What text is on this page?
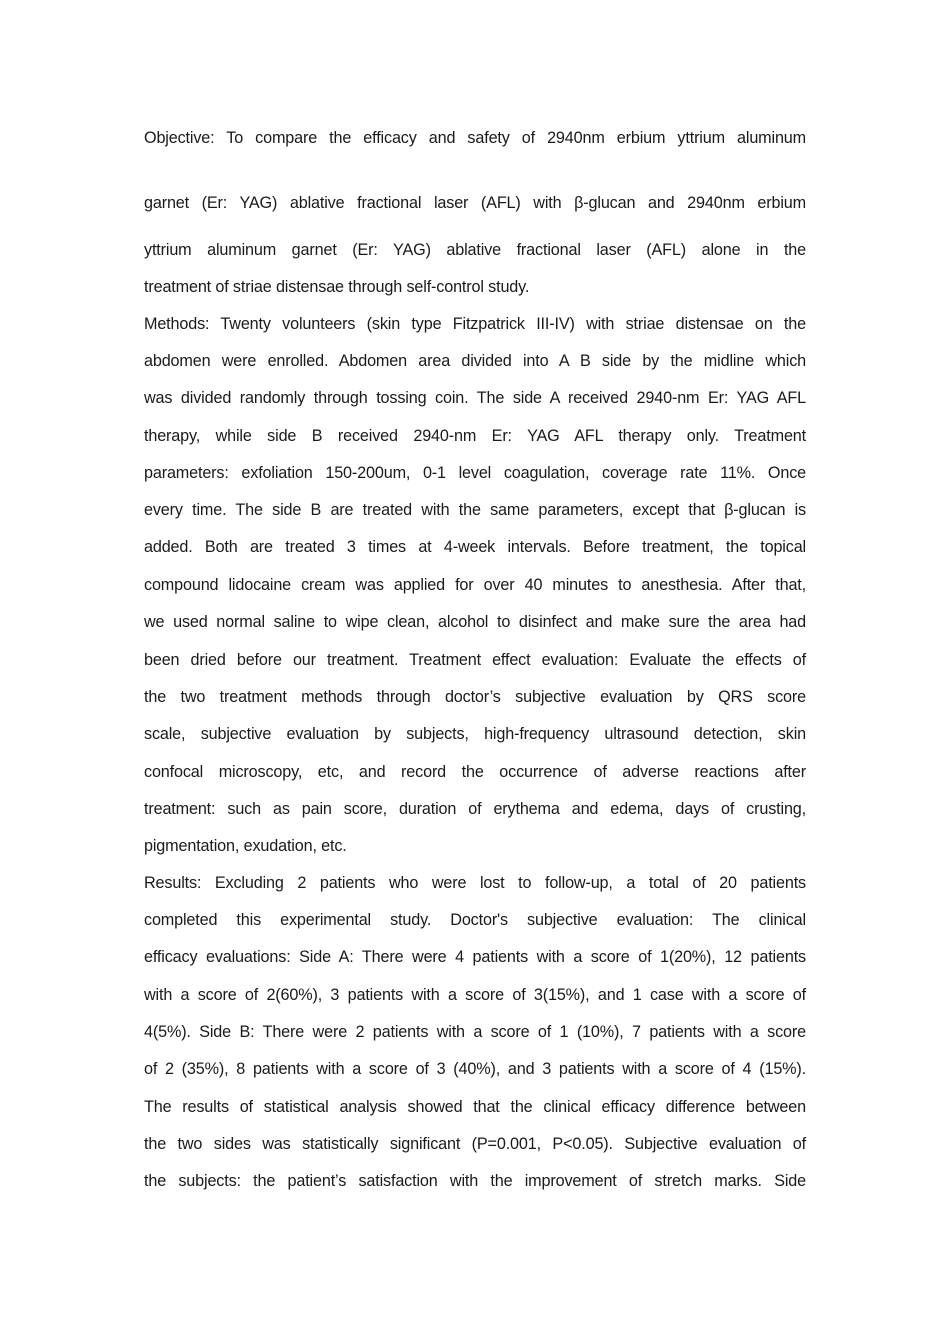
Objective: To compare the efficacy and safety of 2940nm erbium yttrium aluminum
garnet (Er: YAG) ablative fractional laser (AFL) with β-glucan and 2940nm erbium
yttrium aluminum garnet (Er: YAG) ablative fractional laser (AFL) alone in the
treatment of striae distensae through self-control study.
Methods: Twenty volunteers (skin type Fitzpatrick III-IV) with striae distensae on the
abdomen were enrolled. Abdomen area divided into A B side by the midline which
was divided randomly through tossing coin. The side A received 2940-nm Er: YAG AFL
therapy, while side B received 2940-nm Er: YAG AFL therapy only. Treatment
parameters: exfoliation 150-200um, 0-1 level coagulation, coverage rate 11%. Once
every time. The side B are treated with the same parameters, except that β-glucan is
added. Both are treated 3 times at 4-week intervals. Before treatment, the topical
compound lidocaine cream was applied for over 40 minutes to anesthesia. After that,
we used normal saline to wipe clean, alcohol to disinfect and make sure the area had
been dried before our treatment. Treatment effect evaluation: Evaluate the effects of
the two treatment methods through doctor’s subjective evaluation by QRS score
scale, subjective evaluation by subjects, high-frequency ultrasound detection, skin
confocal microscopy, etc, and record the occurrence of adverse reactions after
treatment: such as pain score, duration of erythema and edema, days of crusting,
pigmentation, exudation, etc.
Results: Excluding 2 patients who were lost to follow-up, a total of 20 patients
completed this experimental study. Doctor's subjective evaluation: The clinical
efficacy evaluations: Side A: There were 4 patients with a score of 1(20%), 12 patients
with a score of 2(60%), 3 patients with a score of 3(15%), and 1 case with a score of
4(5%). Side B: There were 2 patients with a score of 1 (10%), 7 patients with a score
of 2 (35%), 8 patients with a score of 3 (40%), and 3 patients with a score of 4 (15%).
The results of statistical analysis showed that the clinical efficacy difference between
the two sides was statistically significant (P=0.001, P<0.05). Subjective evaluation of
the subjects: the patient’s satisfaction with the improvement of stretch marks. Side
